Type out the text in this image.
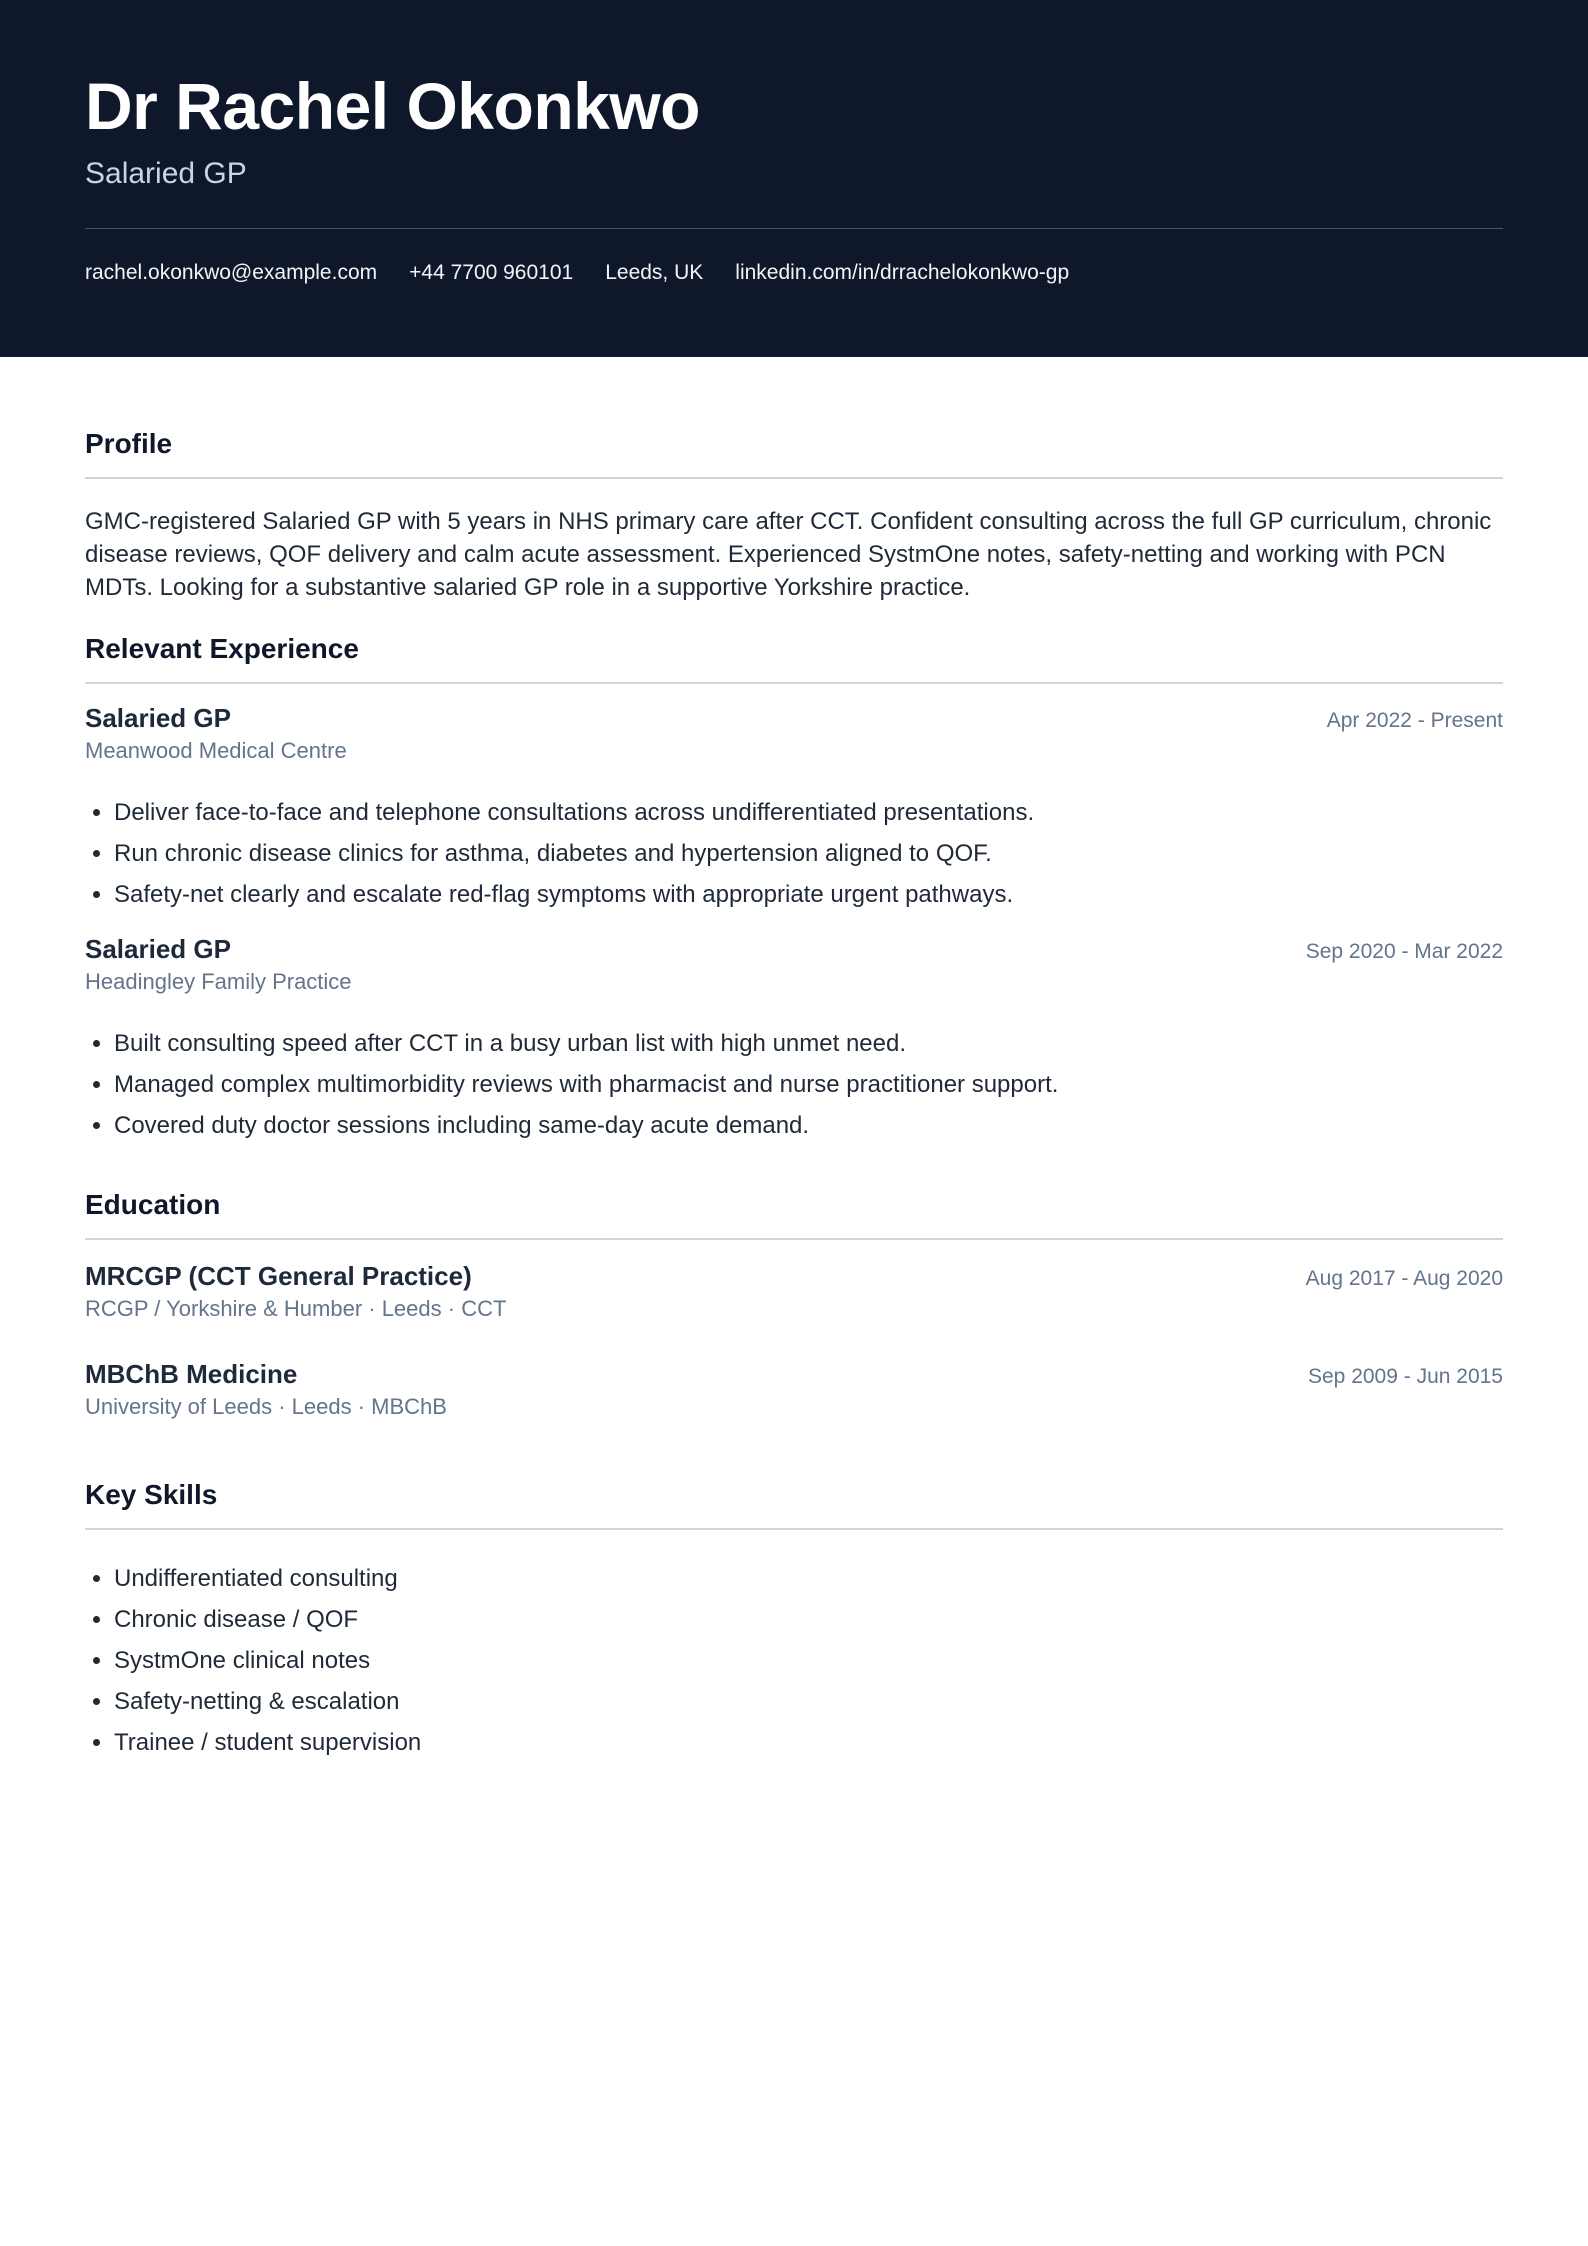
Dr Rachel Okonkwo
Salaried GP
rachel.okonkwo@example.com +44 7700 960101 Leeds, UK linkedin.com/in/drrachelokonkwo-gp
Profile

GMC-registered Salaried GP with 5 years in NHS primary care after CCT. Confident consulting across the full GP curriculum, chronic disease reviews, QOF delivery and calm acute assessment. Experienced SystmOne notes, safety-netting and working with PCN MDTs. Looking for a substantive salaried GP role in a supportive Yorkshire practice.

Relevant Experience
Salaried GP	Apr 2022 - Present
Meanwood Medical Centre
• Deliver face-to-face and telephone consultations across undifferentiated presentations.
• Run chronic disease clinics for asthma, diabetes and hypertension aligned to QOF.
• Safety-net clearly and escalate red-flag symptoms with appropriate urgent pathways.
Salaried GP	Sep 2020 - Mar 2022
Headingley Family Practice
• Built consulting speed after CCT in a busy urban list with high unmet need.
• Managed complex multimorbidity reviews with pharmacist and nurse practitioner support.
• Covered duty doctor sessions including same-day acute demand.
Education
MRCGP (CCT General Practice)	Aug 2017 - Aug 2020
RCGP / Yorkshire & Humber · Leeds · CCT
MBChB Medicine	Sep 2009 - Jun 2015
University of Leeds · Leeds · MBChB
Key Skills
• Undifferentiated consulting
• Chronic disease / QOF
• SystmOne clinical notes
• Safety-netting & escalation
• Trainee / student supervision
